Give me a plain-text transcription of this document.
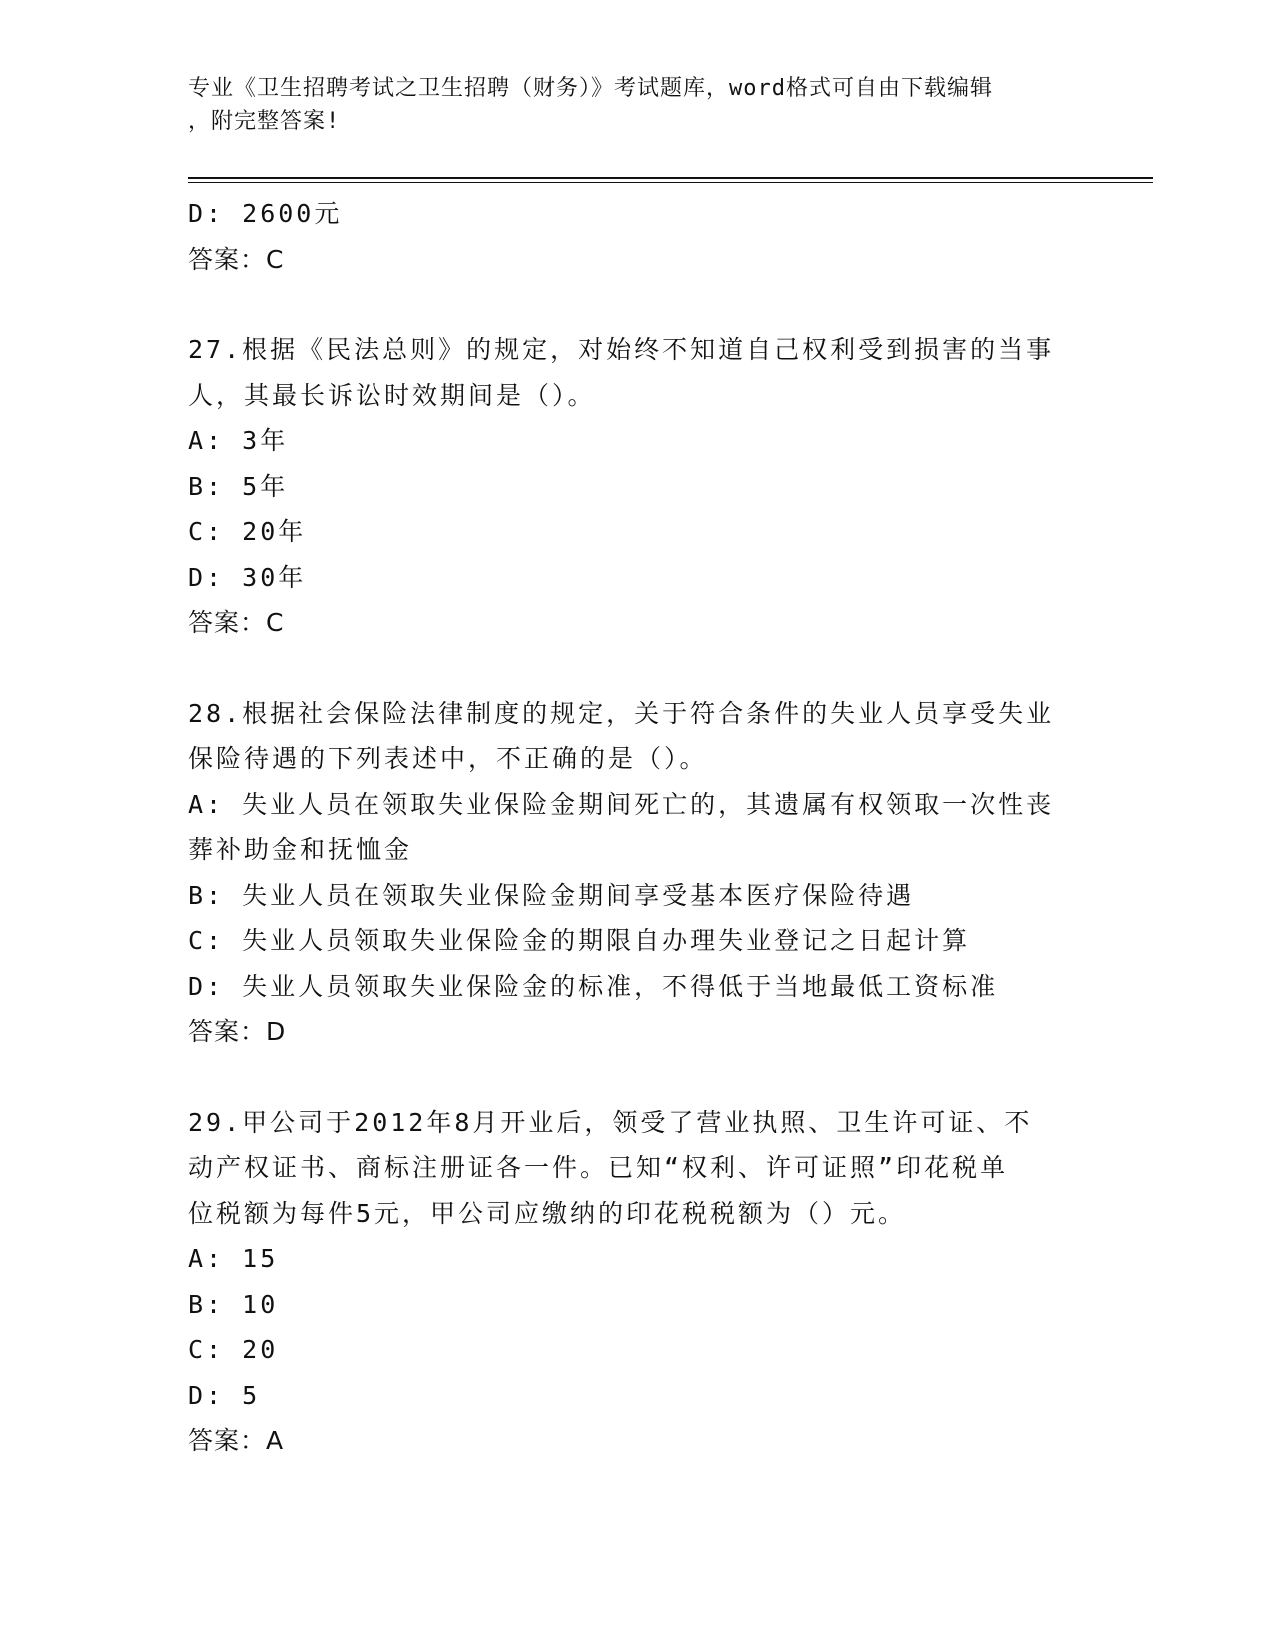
专业《卫生招聘考试之卫生招聘（财务）》考试题库，word格式可自由下载编辑
，附完整答案!
D: 2600元
答案：C
27.根据《民法总则》的规定，对始终不知道自己权利受到损害的当事
人，其最长诉讼时效期间是（）。
A: 3年
B: 5年
C: 20年
D: 30年
答案：C
28.根据社会保险法律制度的规定，关于符合条件的失业人员享受失业
保险待遇的下列表述中，不正确的是（）。
A: 失业人员在领取失业保险金期间死亡的，其遗属有权领取一次性丧
葬补助金和抚恤金
B: 失业人员在领取失业保险金期间享受基本医疗保险待遇
C: 失业人员领取失业保险金的期限自办理失业登记之日起计算
D: 失业人员领取失业保险金的标准，不得低于当地最低工资标准
答案：D
29.甲公司于2012年8月开业后，领受了营业执照、卫生许可证、不
动产权证书、商标注册证各一件。已知“权利、许可证照”印花税单
位税额为每件5元，甲公司应缴纳的印花税税额为（）元。
A: 15
B: 10
C: 20
D: 5
答案：A
